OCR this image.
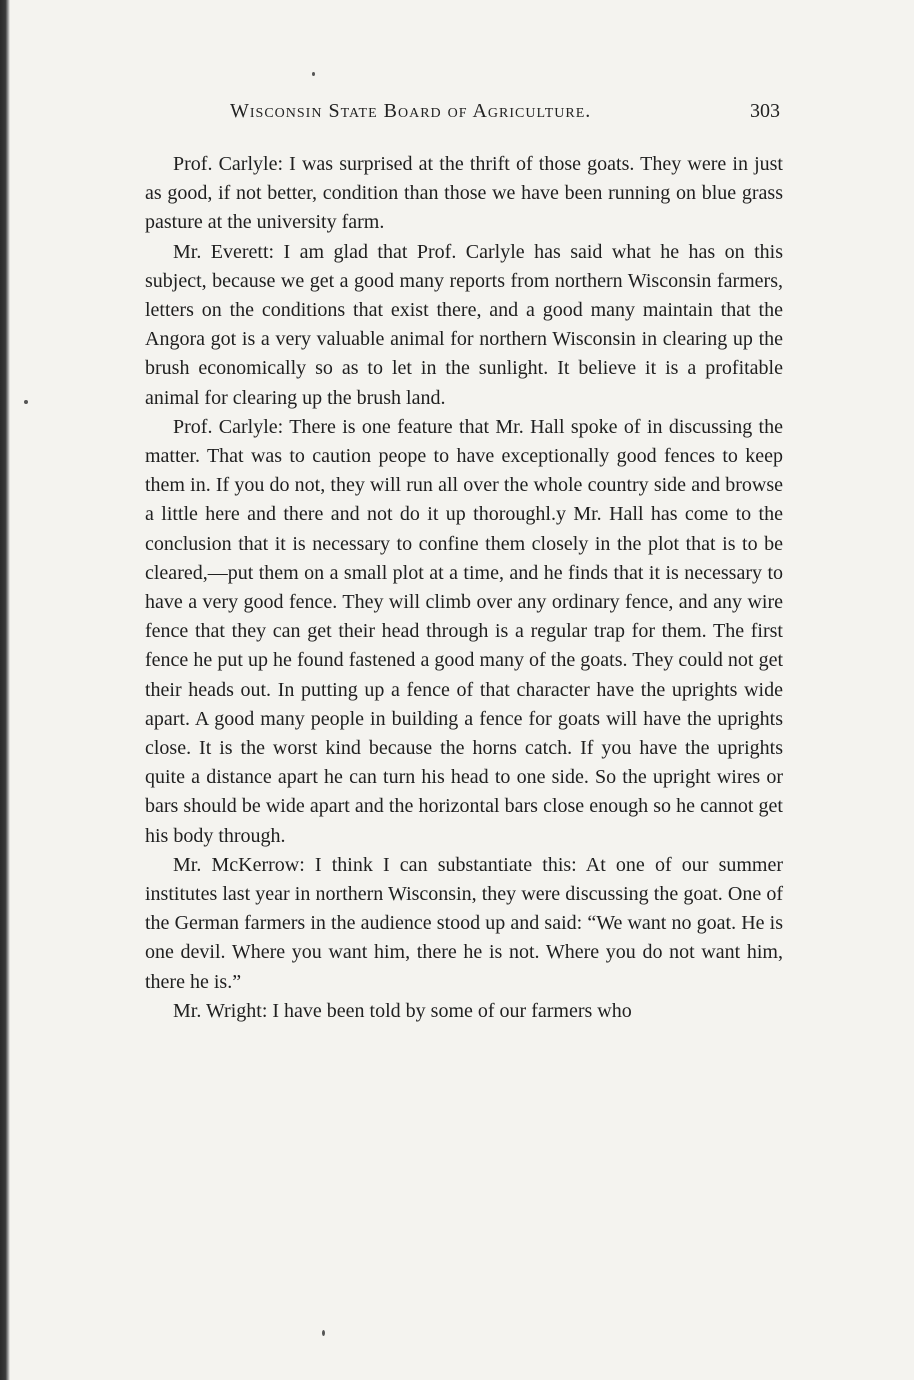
Wisconsin State Board of Agriculture.	303

Prof. Carlyle: I was surprised at the thrift of those goats. They were in just as good, if not better, condition than those we have been running on blue grass pasture at the university farm.

Mr. Everett: I am glad that Prof. Carlyle has said what he has on this subject, because we get a good many reports from northern Wisconsin farmers, letters on the conditions that exist there, and a good many maintain that the Angora got is a very valuable animal for northern Wisconsin in clearing up the brush economically so as to let in the sunlight. It believe it is a profitable animal for clearing up the brush land.

Prof. Carlyle: There is one feature that Mr. Hall spoke of in discussing the matter. That was to caution peope to have exceptionally good fences to keep them in. If you do not, they will run all over the whole country side and browse a little here and there and not do it up thoroughl.y Mr. Hall has come to the conclusion that it is necessary to confine them closely in the plot that is to be cleared,—put them on a small plot at a time, and he finds that it is necessary to have a very good fence. They will climb over any ordinary fence, and any wire fence that they can get their head through is a regular trap for them. The first fence he put up he found fastened a good many of the goats. They could not get their heads out. In putting up a fence of that character have the uprights wide apart. A good many people in building a fence for goats will have the uprights close. It is the worst kind because the horns catch. If you have the uprights quite a distance apart he can turn his head to one side. So the upright wires or bars should be wide apart and the horizontal bars close enough so he cannot get his body through.

Mr. McKerrow: I think I can substantiate this: At one of our summer institutes last year in northern Wisconsin, they were discussing the goat. One of the German farmers in the audience stood up and said: “We want no goat. He is one devil. Where you want him, there he is not. Where you do not want him, there he is.”

Mr. Wright: I have been told by some of our farmers who
